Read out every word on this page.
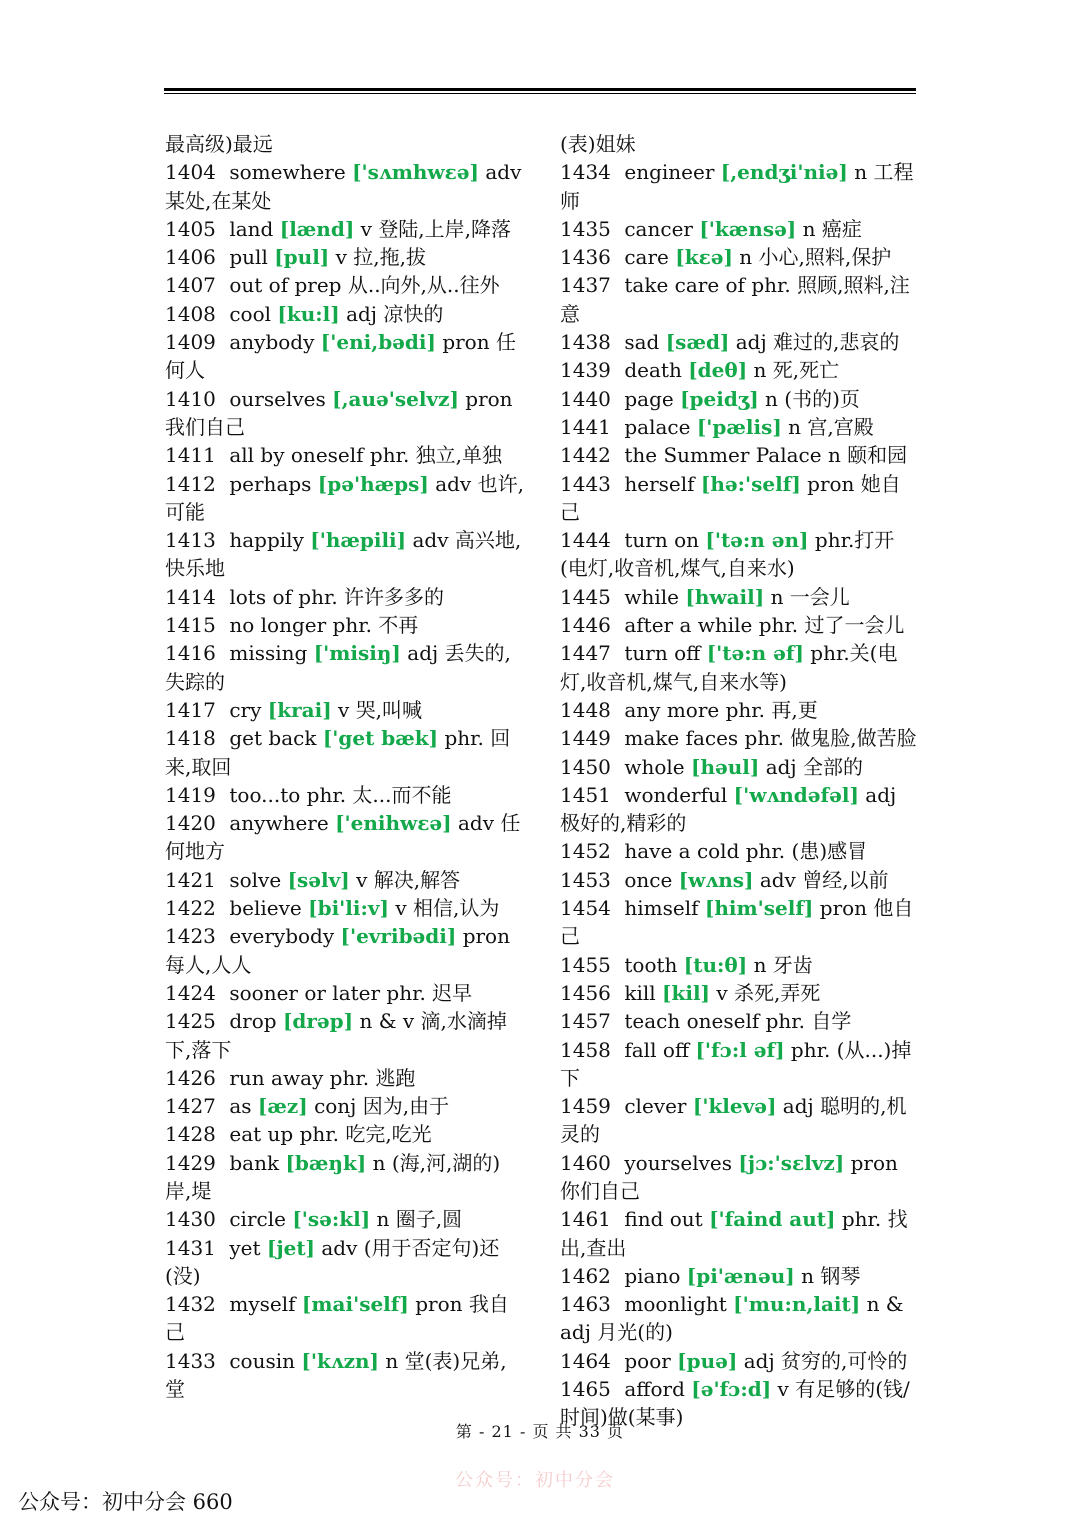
最高级)最远

1404 somewhere ['sʌmhwɛə] adv 某处,在某处

1405 land [lænd] v 登陆,上岸,降落

1406 pull [pul] v 拉,拖,拔

1407 out of prep 从..向外,从..往外

1408 cool [ku:l] adj 凉快的

1409 anybody ['eni,bədi] pron 任何人

1410 ourselves [,auə'selvz] pron 我们自己

1411 all by oneself phr. 独立,单独

1412 perhaps [pə'hæps] adv 也许,可能

1413 happily ['hæpili] adv 高兴地,快乐地

1414 lots of phr. 许许多多的

1415 no longer phr. 不再

1416 missing ['misiŋ] adj 丢失的,失踪的

1417 cry [krai] v 哭,叫喊

1418 get back ['get bæk] phr. 回来,取回

1419 too...to phr. 太...而不能

1420 anywhere ['enihwɛə] adv 任何地方

1421 solve [səlv] v 解决,解答

1422 believe [bi'li:v] v 相信,认为

1423 everybody ['evribədi] pron 每人,人人

1424 sooner or later phr. 迟早

1425 drop [drəp] n & v 滴,水滴掉下,落下

1426 run away phr. 逃跑

1427 as [æz] conj 因为,由于

1428 eat up phr. 吃完,吃光

1429 bank [bæŋk] n (海,河,湖的)岸,堤

1430 circle ['sə:kl] n 圈子,圆

1431 yet [jet] adv (用于否定句)还(没)

1432 myself [mai'self] pron 我自己

1433 cousin ['kʌzn] n 堂(表)兄弟,堂

(表)姐妹

1434 engineer [,endʒi'niə] n 工程师

1435 cancer ['kænsə] n 癌症

1436 care [kɛə] n 小心,照料,保护

1437 take care of phr. 照顾,照料,注意

1438 sad [sæd] adj 难过的,悲哀的

1439 death [deθ] n 死,死亡

1440 page [peidʒ] n (书的)页

1441 palace ['pælis] n 宫,宫殿

1442 the Summer Palace n 颐和园

1443 herself [hə:'self] pron 她自己

1444 turn on ['tə:n ən] phr.打开(电灯,收音机,煤气,自来水)

1445 while [hwail] n 一会儿

1446 after a while phr. 过了一会儿

1447 turn off ['tə:n əf] phr.关(电灯,收音机,煤气,自来水等)

1448 any more phr. 再,更

1449 make faces phr. 做鬼脸,做苦脸

1450 whole [həul] adj 全部的

1451 wonderful ['wʌndəfəl] adj 极好的,精彩的

1452 have a cold phr. (患)感冒

1453 once [wʌns] adv 曾经,以前

1454 himself [him'self] pron 他自己

1455 tooth [tu:θ] n 牙齿

1456 kill [kil] v 杀死,弄死

1457 teach oneself phr. 自学

1458 fall off ['fɔ:l əf] phr. (从...)掉下

1459 clever ['klevə] adj 聪明的,机灵的

1460 yourselves [jɔ:'sɛlvz] pron 你们自己

1461 find out ['faind aut] phr. 找出,查出

1462 piano [pi'ænəu] n 钢琴

1463 moonlight ['mu:n,lait] n & adj 月光(的)

1464 poor [puə] adj 贫穷的,可怜的

1465 afford [ə'fɔ:d] v 有足够的(钱/时间)做(某事)

第 - 21 - 页 共 33 页
公众号：初中分会
公众号：初中分会 660
